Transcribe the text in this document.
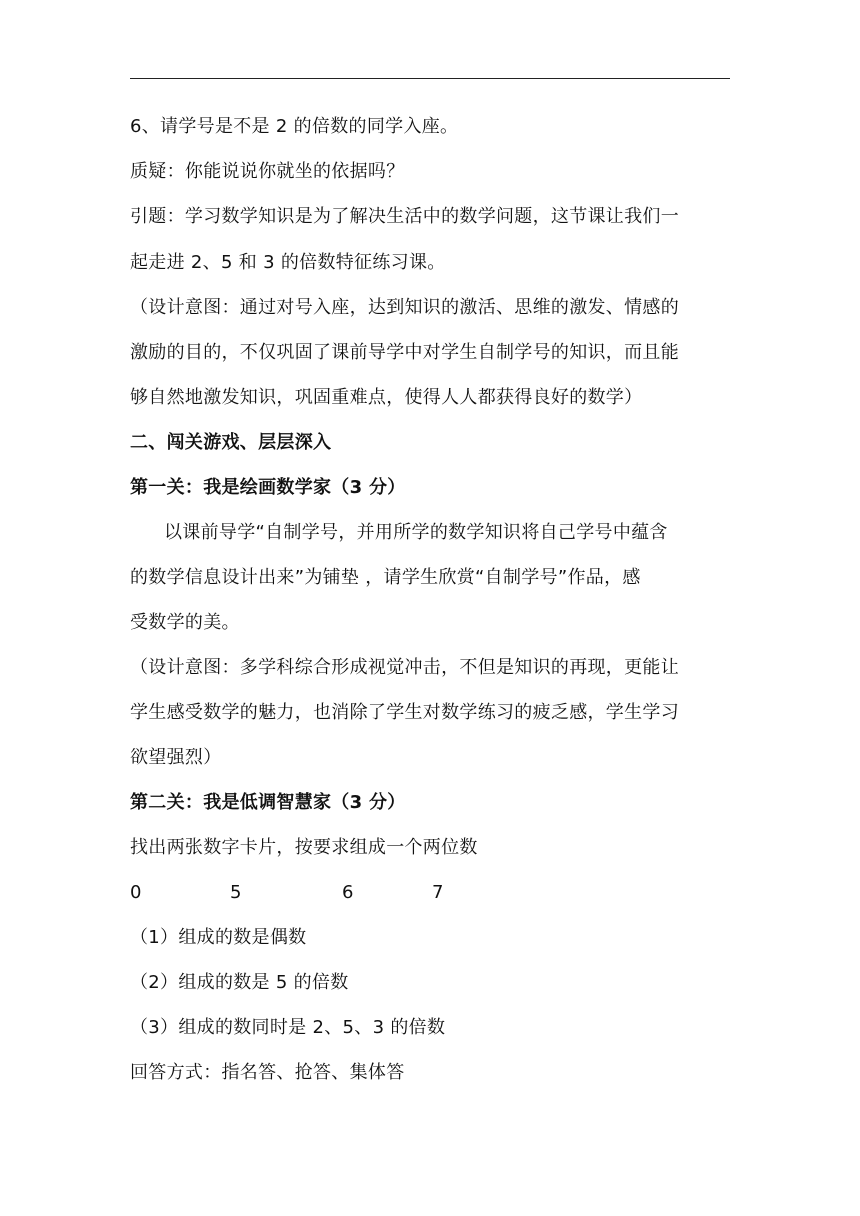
6、请学号是不是 2 的倍数的同学入座。
质疑：你能说说你就坐的依据吗？
引题：学习数学知识是为了解决生活中的数学问题，这节课让我们一
起走进 2、5 和 3 的倍数特征练习课。
（设计意图：通过对号入座，达到知识的激活、思维的激发、情感的
激励的目的，不仅巩固了课前导学中对学生自制学号的知识，而且能
够自然地激发知识，巩固重难点，使得人人都获得良好的数学）
二、闯关游戏、层层深入
第一关：我是绘画数学家（3 分）
以课前导学“自制学号，并用所学的数学知识将自己学号中蕴含
的数学信息设计出来”为铺垫 ，请学生欣赏“自制学号”作品，感
受数学的美。
（设计意图：多学科综合形成视觉冲击，不但是知识的再现，更能让
学生感受数学的魅力，也消除了学生对数学练习的疲乏感，学生学习
欲望强烈）
第二关：我是低调智慧家（3 分）
找出两张数字卡片，按要求组成一个两位数
0	5	6	7
（1）组成的数是偶数
（2）组成的数是 5 的倍数
（3）组成的数同时是 2、5、3 的倍数
回答方式：指名答、抢答、集体答
